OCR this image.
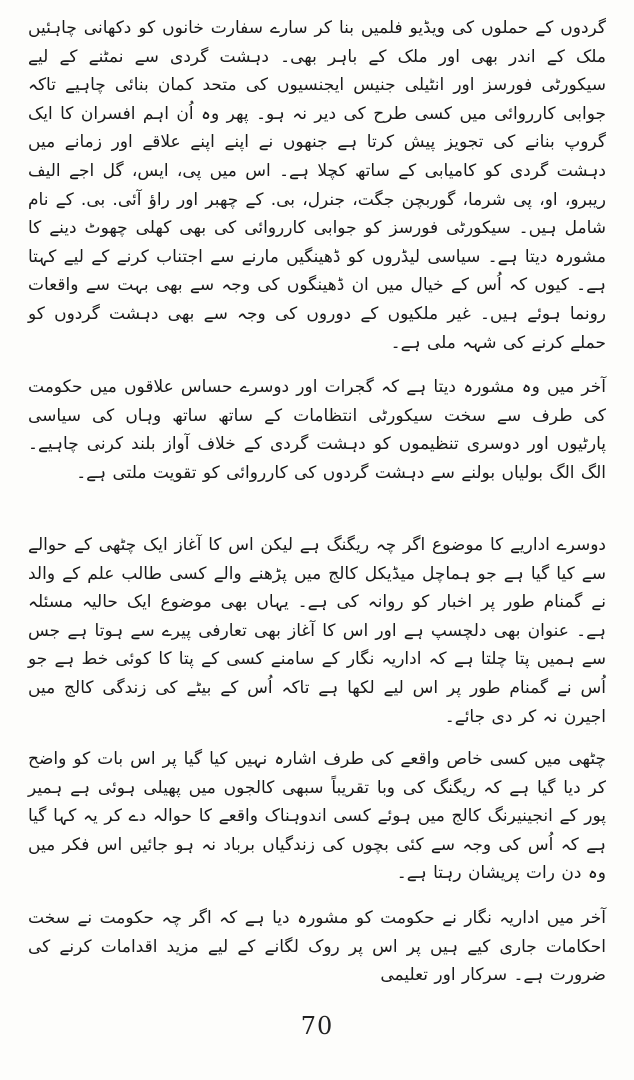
گردوں کے حملوں کی ویڈیو فلمیں بنا کر سارے سفارت خانوں کو دکھانی چاہئیں ملک کے اندر بھی اور ملک کے باہر بھی۔ دہشت گردی سے نمٹنے کے لیے سیکورٹی فورسز اور انٹیلی جنیس ایجنسیوں کی متحد کمان بنائی چاہیے تاکہ جوابی کارروائی میں کسی طرح کی دیر نہ ہو۔ پھر وہ اُن اہم افسران کا ایک گروپ بنانے کی تجویز پیش کرتا ہے جنھوں نے اپنے اپنے علاقے اور زمانے میں دہشت گردی کو کامیابی کے ساتھ کچلا ہے۔ اس میں پی، ایس، گل اجے الیف ریبرو، او، پی شرما، گوربچن جگت، جنرل، بی. کے چھبر اور راؤ آئی. بی. کے نام شامل ہیں۔ سیکورٹی فورسز کو جوابی کارروائی کی بھی کھلی چھوٹ دینے کا مشورہ دیتا ہے۔ سیاسی لیڈروں کو ڈھینگیں مارنے سے اجتناب کرنے کے لیے کہتا ہے۔ کیوں کہ اُس کے خیال میں ان ڈھینگوں کی وجہ سے بھی بہت سے واقعات رونما ہوئے ہیں۔ غیر ملکیوں کے دوروں کی وجہ سے بھی دہشت گردوں کو حملے کرنے کی شہہ ملی ہے۔

آخر میں وہ مشورہ دیتا ہے کہ گجرات اور دوسرے حساس علاقوں میں حکومت کی طرف سے سخت سیکورٹی انتظامات کے ساتھ ساتھ وہاں کی سیاسی پارٹیوں اور دوسری تنظیموں کو دہشت گردی کے خلاف آواز بلند کرنی چاہیے۔ الگ الگ بولیاں بولنے سے دہشت گردوں کی کارروائی کو تقویت ملتی ہے۔

دوسرے اداریے کا موضوع اگر چہ ریگنگ ہے لیکن اس کا آغاز ایک چٹھی کے حوالے سے کیا گیا ہے جو ہماچل میڈیکل کالج میں پڑھنے والے کسی طالب علم کے والد نے گمنام طور پر اخبار کو روانہ کی ہے۔ یہاں بھی موضوع ایک حالیہ مسئلہ ہے۔ عنوان بھی دلچسپ ہے اور اس کا آغاز بھی تعارفی پیرے سے ہوتا ہے جس سے ہمیں پتا چلتا ہے کہ اداریہ نگار کے سامنے کسی کے پتا کا کوئی خط ہے جو اُس نے گمنام طور پر اس لیے لکھا ہے تاکہ اُس کے بیٹے کی زندگی کالج میں اجیرن نہ کر دی جائے۔

چٹھی میں کسی خاص واقعے کی طرف اشارہ نہیں کیا گیا پر اس بات کو واضح کر دیا گیا ہے کہ ریگنگ کی وبا تقریباً سبھی کالجوں میں پھیلی ہوئی ہے ہمیر پور کے انجینیرنگ کالج میں ہوئے کسی اندوہناک واقعے کا حوالہ دے کر یہ کہا گیا ہے کہ اُس کی وجہ سے کئی بچوں کی زندگیاں برباد نہ ہو جائیں اس فکر میں وہ دن رات پریشان رہتا ہے۔

آخر میں اداریہ نگار نے حکومت کو مشورہ دیا ہے کہ اگر چہ حکومت نے سخت احکامات جاری کیے ہیں پر اس پر روک لگانے کے لیے مزید اقدامات کرنے کی ضرورت ہے۔ سرکار اور تعلیمی

70
